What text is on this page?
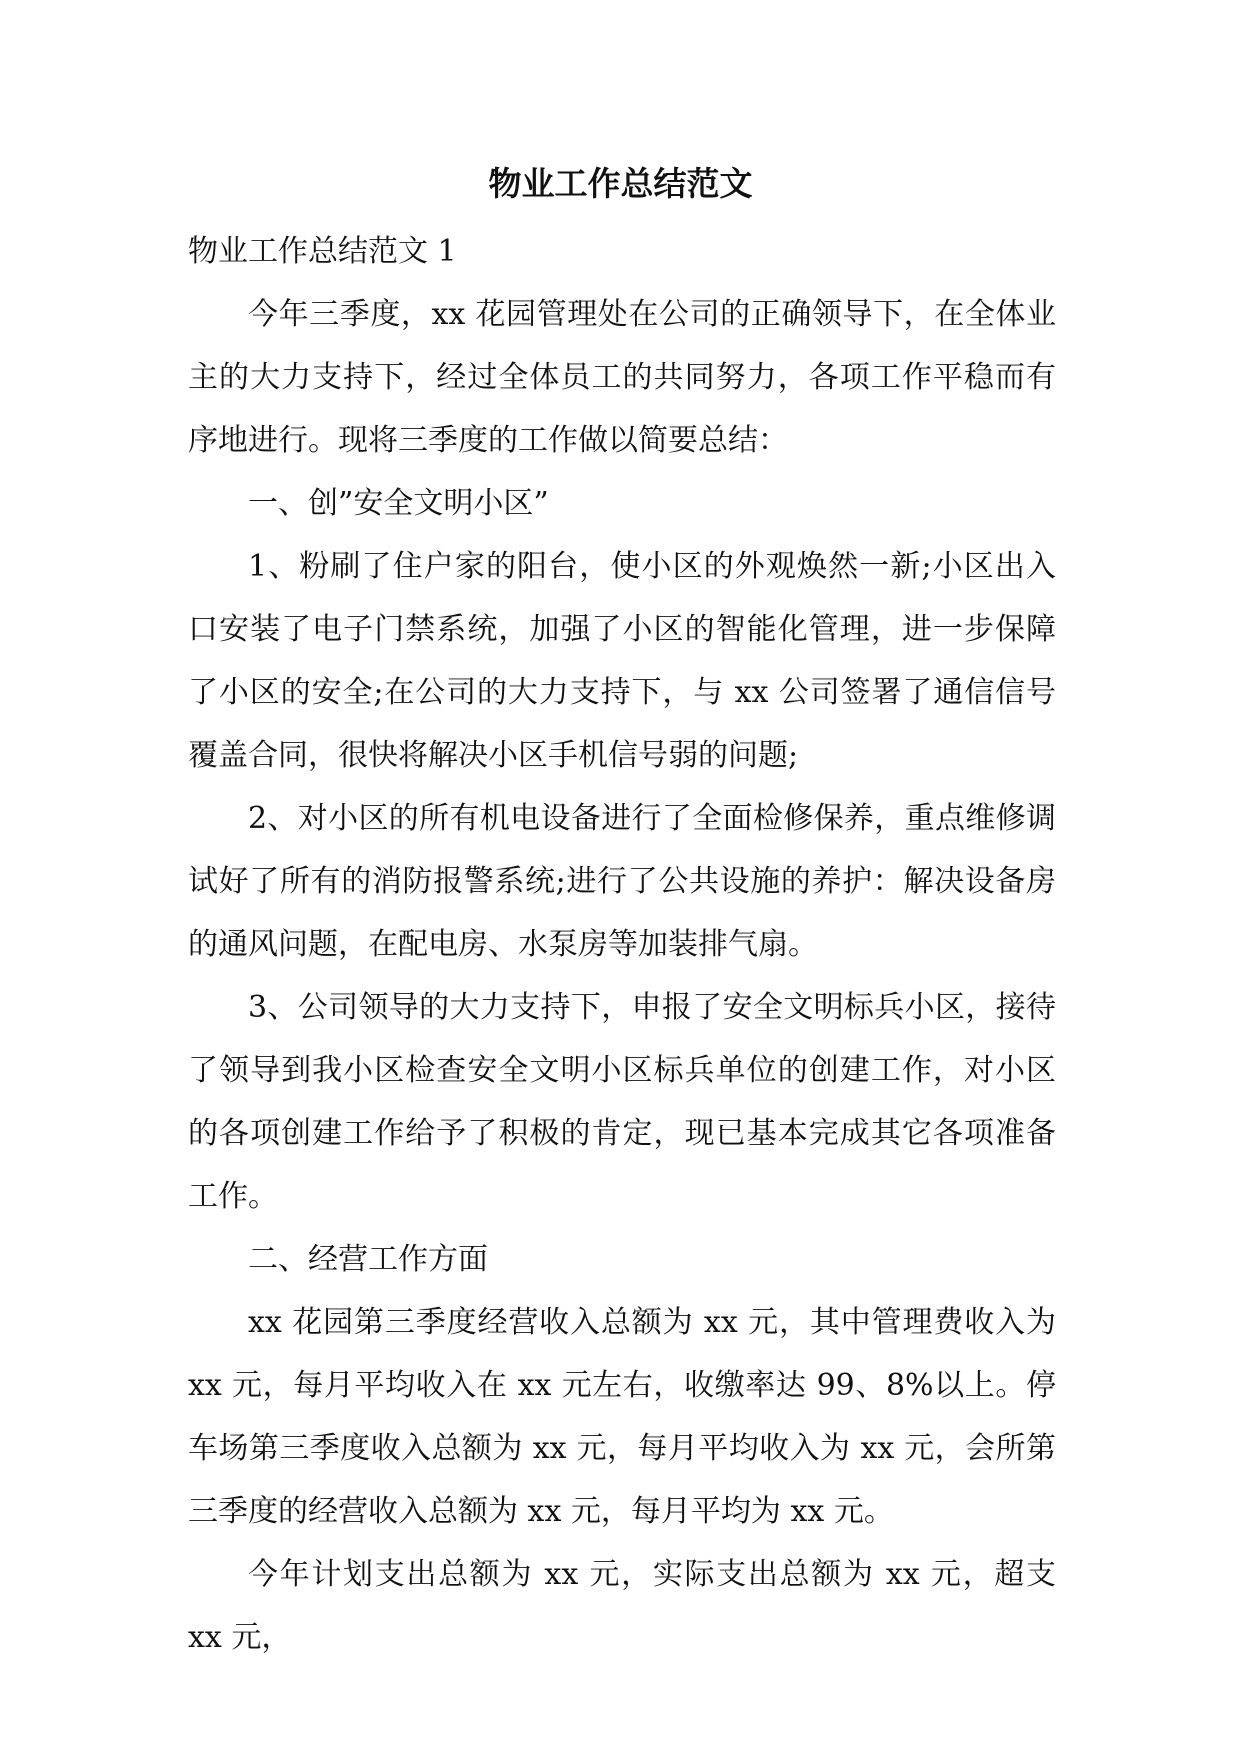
物业工作总结范文

物业工作总结范文 1

今年三季度，xx 花园管理处在公司的正确领导下，在全体业主的大力支持下，经过全体员工的共同努力，各项工作平稳而有序地进行。现将三季度的工作做以简要总结：

一、创”安全文明小区”

1、粉刷了住户家的阳台，使小区的外观焕然一新;小区出入口安装了电子门禁系统，加强了小区的智能化管理，进一步保障了小区的安全;在公司的大力支持下，与 xx 公司签署了通信信号覆盖合同，很快将解决小区手机信号弱的问题;

2、对小区的所有机电设备进行了全面检修保养，重点维修调试好了所有的消防报警系统;进行了公共设施的养护：解决设备房的通风问题，在配电房、水泵房等加装排气扇。

3、公司领导的大力支持下，申报了安全文明标兵小区，接待了领导到我小区检查安全文明小区标兵单位的创建工作，对小区的各项创建工作给予了积极的肯定，现已基本完成其它各项准备工作。

二、经营工作方面

xx 花园第三季度经营收入总额为 xx 元，其中管理费收入为 xx 元，每月平均收入在 xx 元左右，收缴率达 99、8%以上。停车场第三季度收入总额为 xx 元，每月平均收入为 xx 元，会所第三季度的经营收入总额为 xx 元，每月平均为 xx 元。

今年计划支出总额为 xx 元，实际支出总额为 xx 元，超支 xx 元，
